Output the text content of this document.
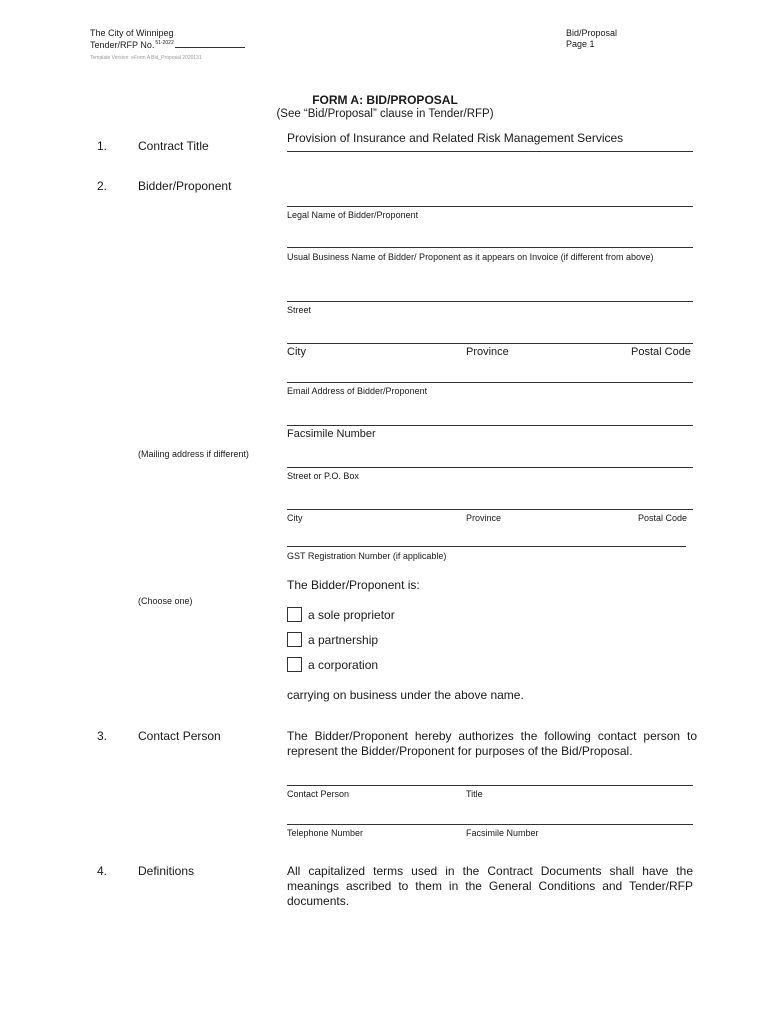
The City of Winnipeg
Tender/RFP No.$^{51-2022}$
Template Version: eForm A Bid_Proposal 2020131
Bid/Proposal
Page 1
FORM A: BID/PROPOSAL
(See “Bid/Proposal” clause in Tender/RFP)
1.	Contract Title
Provision of Insurance and Related Risk Management Services
2.	Bidder/Proponent
Legal Name of Bidder/Proponent
Usual Business Name of Bidder/ Proponent as it appears on Invoice (if different from above)
Street
City	Province	Postal Code
Email Address of Bidder/Proponent
Facsimile Number
(Mailing address if different)
Street or P.O. Box
City	Province	Postal Code
GST Registration Number (if applicable)
The Bidder/Proponent is:
(Choose one)
a sole proprietor
a partnership
a corporation
carrying on business under the above name.
3.	Contact Person	The Bidder/Proponent hereby authorizes the following contact person to represent the Bidder/Proponent for purposes of the Bid/Proposal.
Contact Person	Title
Telephone Number	Facsimile Number
4.	Definitions	All capitalized terms used in the Contract Documents shall have the meanings ascribed to them in the General Conditions and Tender/RFP documents.
